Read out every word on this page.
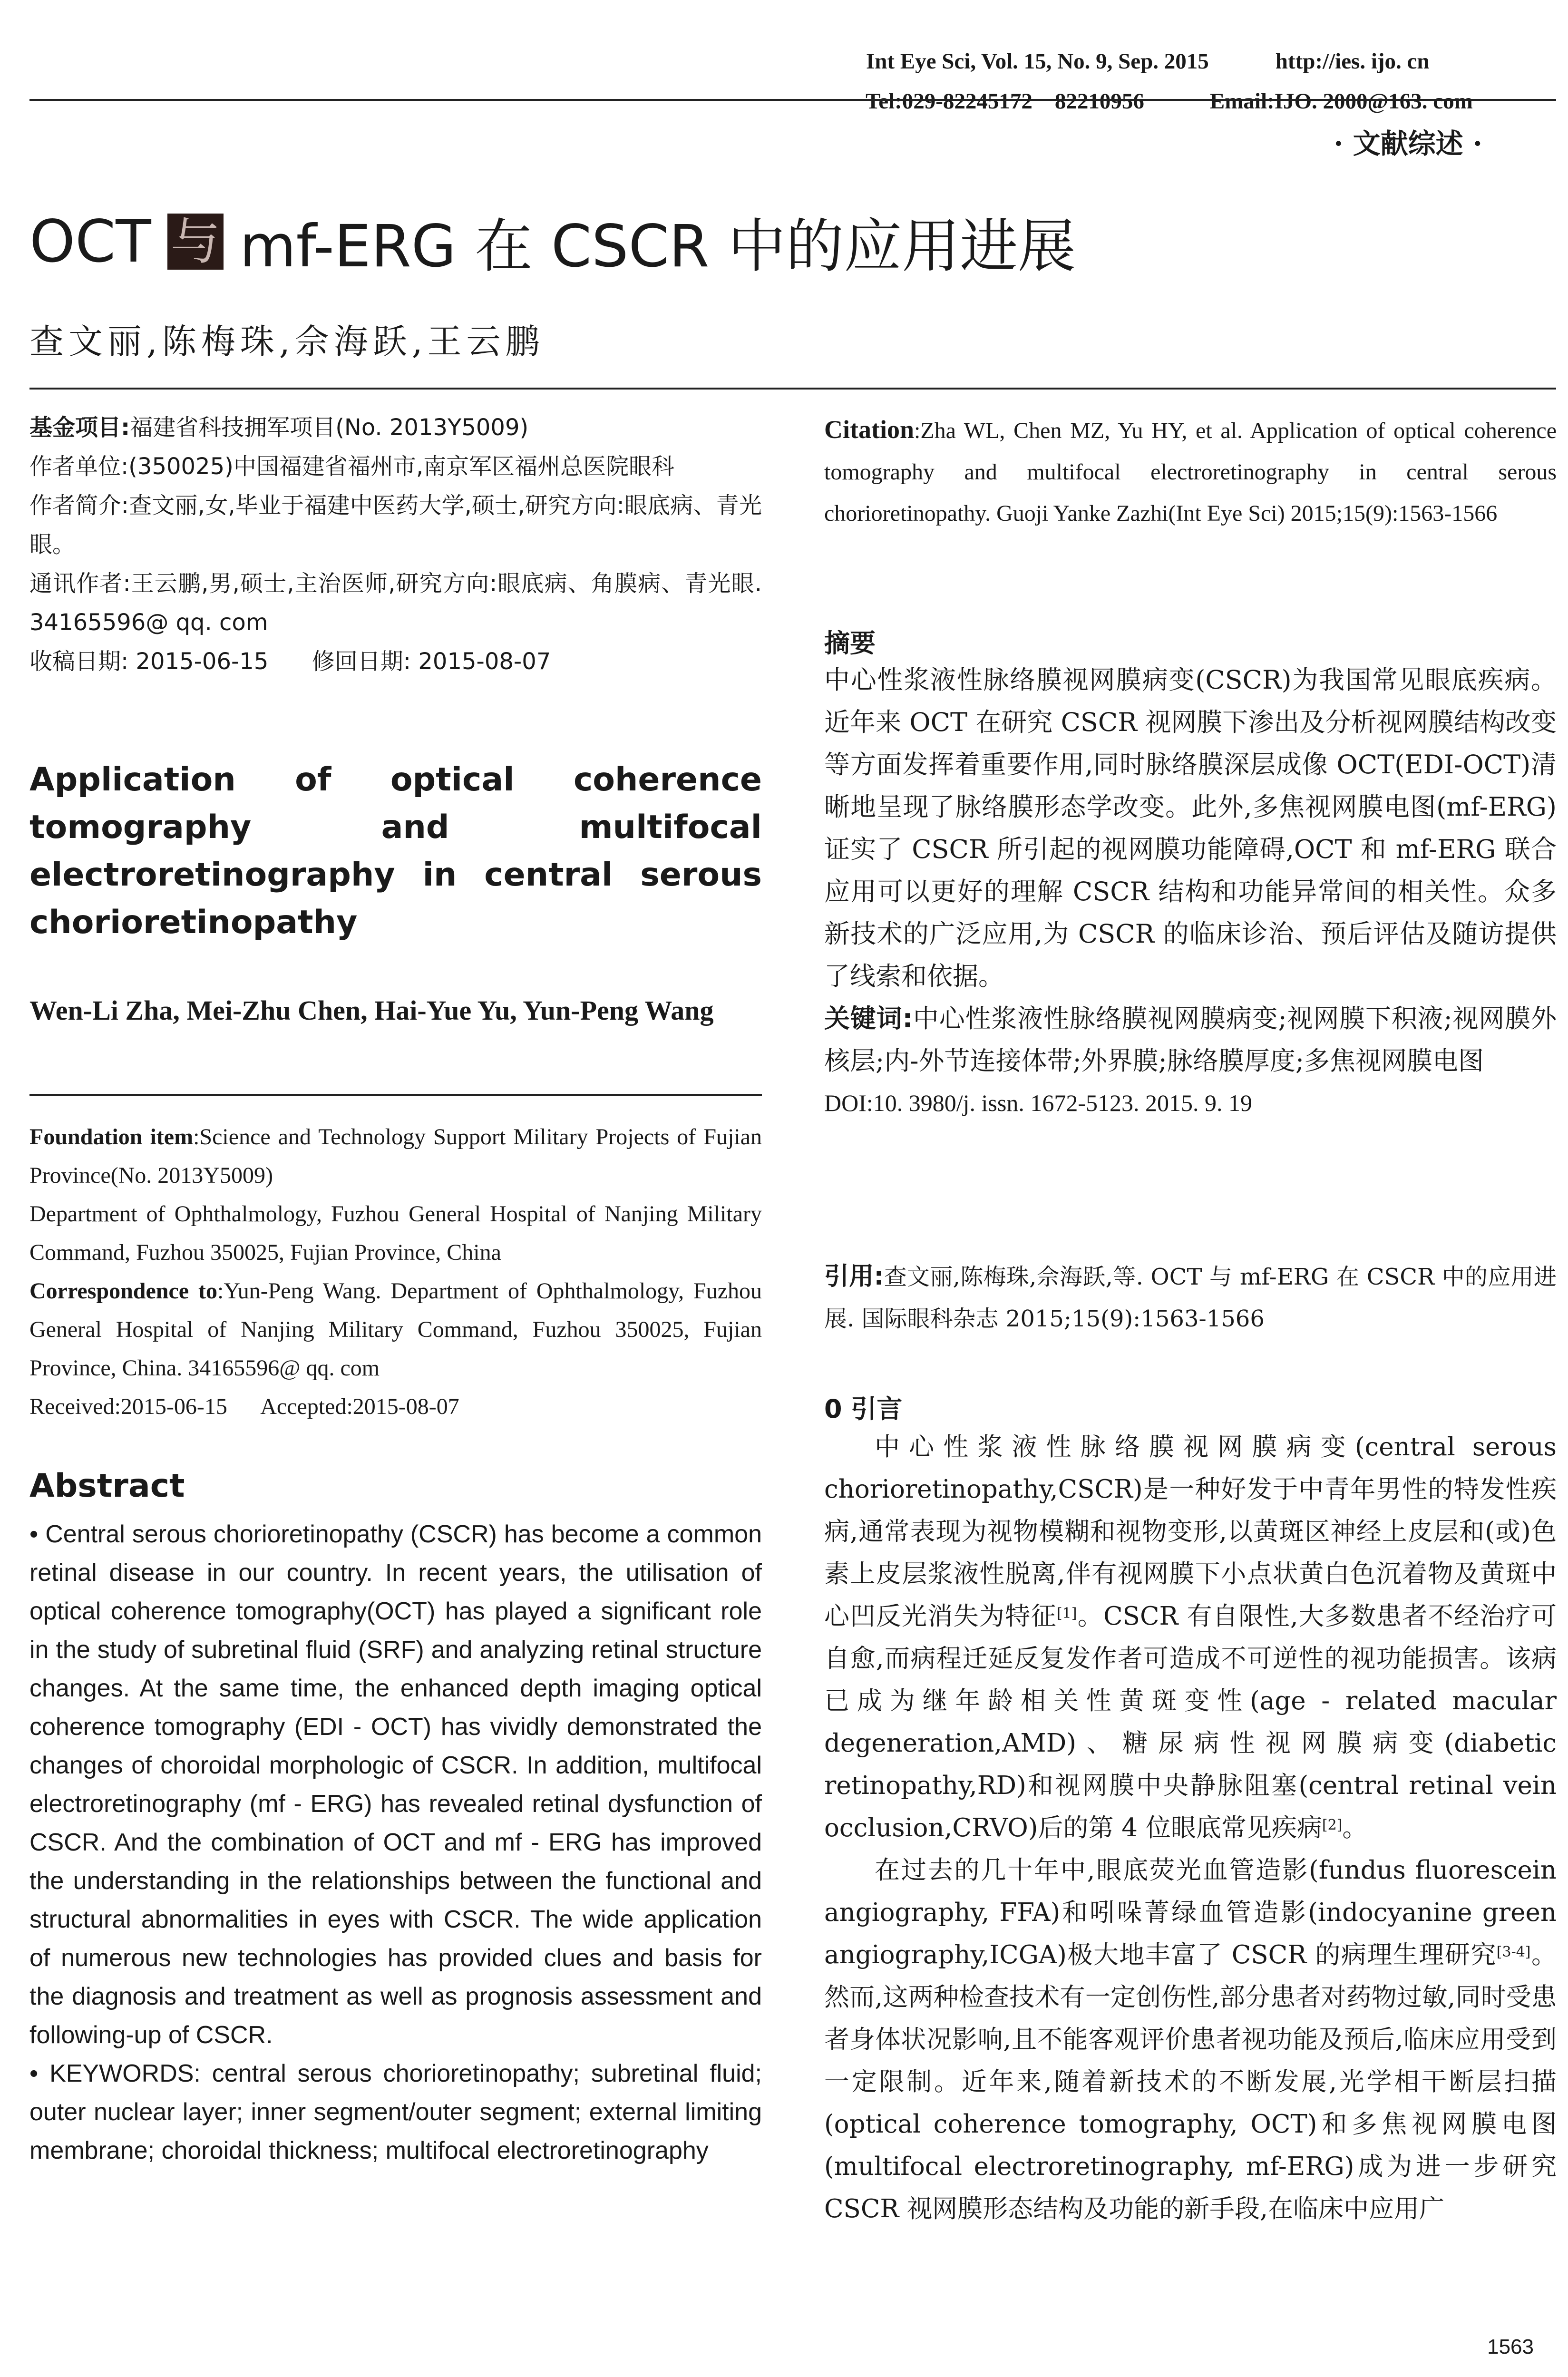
Int Eye Sci, Vol. 15, No. 9, Sep. 2015	http://ies. ijo. cn

Tel:029-82245172    82210956	Email:IJO. 2000@163. com

· 文献综述 ·
OCT 与 mf-ERG 在 CSCR 中的应用进展
查文丽,陈梅珠,佘海跃,王云鹏
基金项目:福建省科技拥军项目(No. 2013Y5009)
作者单位:(350025)中国福建省福州市,南京军区福州总医院眼科
作者简介:查文丽,女,毕业于福建中医药大学,硕士,研究方向:眼底病、青光眼。
通讯作者:王云鹏,男,硕士,主治医师,研究方向:眼底病、角膜病、青光眼. 34165596@ qq. com
收稿日期: 2015-06-15      修回日期: 2015-08-07
Application of optical coherence tomography and multifocal electroretinography in central serous chorioretinopathy
Wen-Li Zha, Mei-Zhu Chen, Hai-Yue Yu, Yun-Peng Wang
Foundation item:Science and Technology Support Military Projects of Fujian Province(No. 2013Y5009)
Department of Ophthalmology, Fuzhou General Hospital of Nanjing Military Command, Fuzhou 350025, Fujian Province, China
Correspondence to:Yun-Peng Wang. Department of Ophthalmology, Fuzhou General Hospital of Nanjing Military Command, Fuzhou 350025, Fujian Province, China. 34165596@ qq. com
Received:2015-06-15      Accepted:2015-08-07
Abstract
• Central serous chorioretinopathy (CSCR) has become a common retinal disease in our country. In recent years, the utilisation of optical coherence tomography(OCT) has played a significant role in the study of subretinal fluid (SRF) and analyzing retinal structure changes. At the same time, the enhanced depth imaging optical coherence tomography (EDI - OCT) has vividly demonstrated the changes of choroidal morphologic of CSCR. In addition, multifocal electroretinography (mf - ERG) has revealed retinal dysfunction of CSCR. And the combination of OCT and mf - ERG has improved the understanding in the relationships between the functional and structural abnormalities in eyes with CSCR. The wide application of numerous new technologies has provided clues and basis for the diagnosis and treatment as well as prognosis assessment and following-up of CSCR.
• KEYWORDS: central serous chorioretinopathy; subretinal fluid; outer nuclear layer; inner segment/outer segment; external limiting membrane; choroidal thickness; multifocal electroretinography
Citation:Zha WL, Chen MZ, Yu HY, et al. Application of optical coherence tomography and multifocal electroretinography in central serous chorioretinopathy. Guoji Yanke Zazhi(Int Eye Sci) 2015;15(9):1563-1566
摘要
中心性浆液性脉络膜视网膜病变(CSCR)为我国常见眼底疾病。近年来 OCT 在研究 CSCR 视网膜下渗出及分析视网膜结构改变等方面发挥着重要作用,同时脉络膜深层成像 OCT(EDI-OCT)清晰地呈现了脉络膜形态学改变。此外,多焦视网膜电图(mf-ERG)证实了 CSCR 所引起的视网膜功能障碍,OCT 和 mf-ERG 联合应用可以更好的理解 CSCR 结构和功能异常间的相关性。众多新技术的广泛应用,为 CSCR 的临床诊治、预后评估及随访提供了线索和依据。
关键词:中心性浆液性脉络膜视网膜病变;视网膜下积液;视网膜外核层;内-外节连接体带;外界膜;脉络膜厚度;多焦视网膜电图
DOI:10. 3980/j. issn. 1672-5123. 2015. 9. 19
引用:查文丽,陈梅珠,佘海跃,等. OCT 与 mf-ERG 在 CSCR 中的应用进展. 国际眼科杂志 2015;15(9):1563-1566
0 引言

中心性浆液性脉络膜视网膜病变(central serous chorioretinopathy,CSCR)是一种好发于中青年男性的特发性疾病,通常表现为视物模糊和视物变形,以黄斑区神经上皮层和(或)色素上皮层浆液性脱离,伴有视网膜下小点状黄白色沉着物及黄斑中心凹反光消失为特征[1]。CSCR 有自限性,大多数患者不经治疗可自愈,而病程迁延反复发作者可造成不可逆性的视功能损害。该病已成为继年龄相关性黄斑变性(age - related macular degeneration,AMD)、糖尿病性视网膜病变(diabetic retinopathy,RD)和视网膜中央静脉阻塞(central retinal vein occlusion,CRVO)后的第 4 位眼底常见疾病[2]。

在过去的几十年中,眼底荧光血管造影(fundus fluorescein angiography, FFA)和吲哚菁绿血管造影(indocyanine green angiography,ICGA)极大地丰富了 CSCR 的病理生理研究[3-4]。然而,这两种检查技术有一定创伤性,部分患者对药物过敏,同时受患者身体状况影响,且不能客观评价患者视功能及预后,临床应用受到一定限制。近年来,随着新技术的不断发展,光学相干断层扫描(optical coherence tomography, OCT)和多焦视网膜电图(multifocal electroretinography, mf-ERG)成为进一步研究 CSCR 视网膜形态结构及功能的新手段,在临床中应用广

1563
